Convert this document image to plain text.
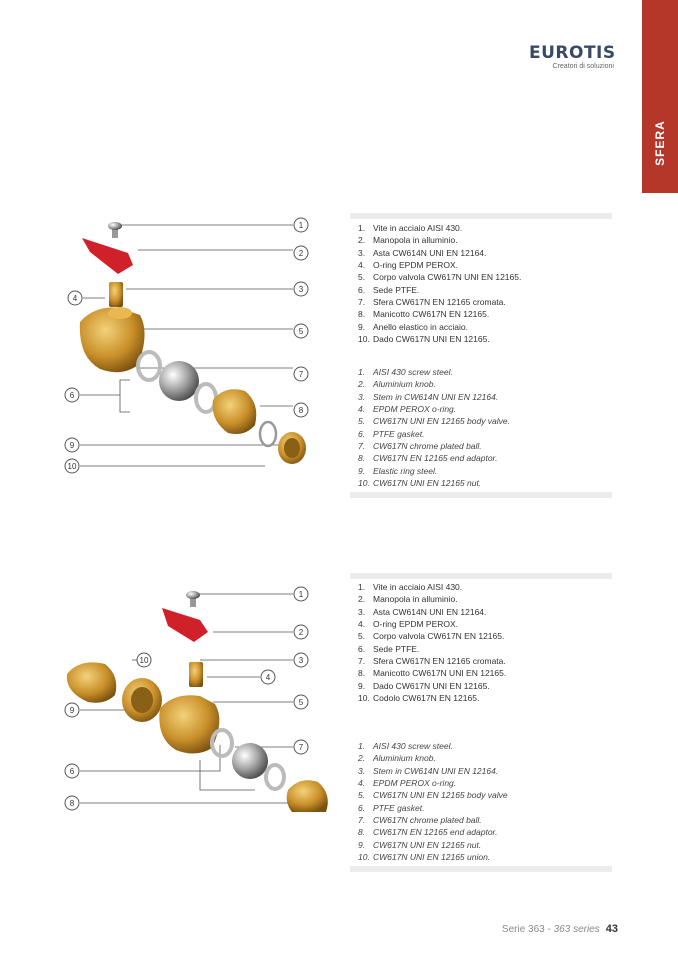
SFERA
EUROTIS
Creatori di soluzioni
1. Vite in acciaio AISI 430.
2. Manopola in alluminio.
3. Asta CW614N UNI EN 12164.
4. O-ring EPDM PEROX.
5. Corpo valvola CW617N UNI EN 12165.
6. Sede PTFE.
7. Sfera CW617N EN 12165 cromata.
8. Manicotto CW617N EN 12165.
9. Anello elastico in acciaio.
10. Dado CW617N UNI EN 12165.
1. AISI 430 screw steel.
2. Aluminium knob.
3. Stem in CW614N UNI EN 12164.
4. EPDM PEROX o-ring.
5. CW617N UNI EN 12165 body valve.
6. PTFE gasket.
7. CW617N chrome plated ball.
8. CW617N EN 12165 end adaptor.
9. Elastic ring steel.
10. CW617N UNI EN 12165 nut.
1
2
3
4
5
6
7
8
9
10
1. Vite in acciaio AISI 430.
2. Manopola in alluminio.
3. Asta CW614N UNI EN 12164.
4. O-ring EPDM PEROX.
5. Corpo valvola CW617N EN 12165.
6. Sede PTFE.
7. Sfera CW617N EN 12165 cromata.
8. Manicotto CW617N UNI EN 12165.
9. Dado CW617N UNI EN 12165.
10. Codolo CW617N EN 12165.
1. AISI 430 screw steel.
2. Aluminium knob.
3. Stem in CW614N UNI EN 12164.
4. EPDM PEROX o-ring.
5. CW617N UNI EN 12165 body valve
6. PTFE gasket.
7. CW617N chrome plated ball.
8. CW617N EN 12165 end adaptor.
9. CW617N UNI EN 12165 nut.
10. CW617N UNI EN 12165 union.
1
2
3
4
5
6
7
8
9
10
Serie 363 - 363 series 43
